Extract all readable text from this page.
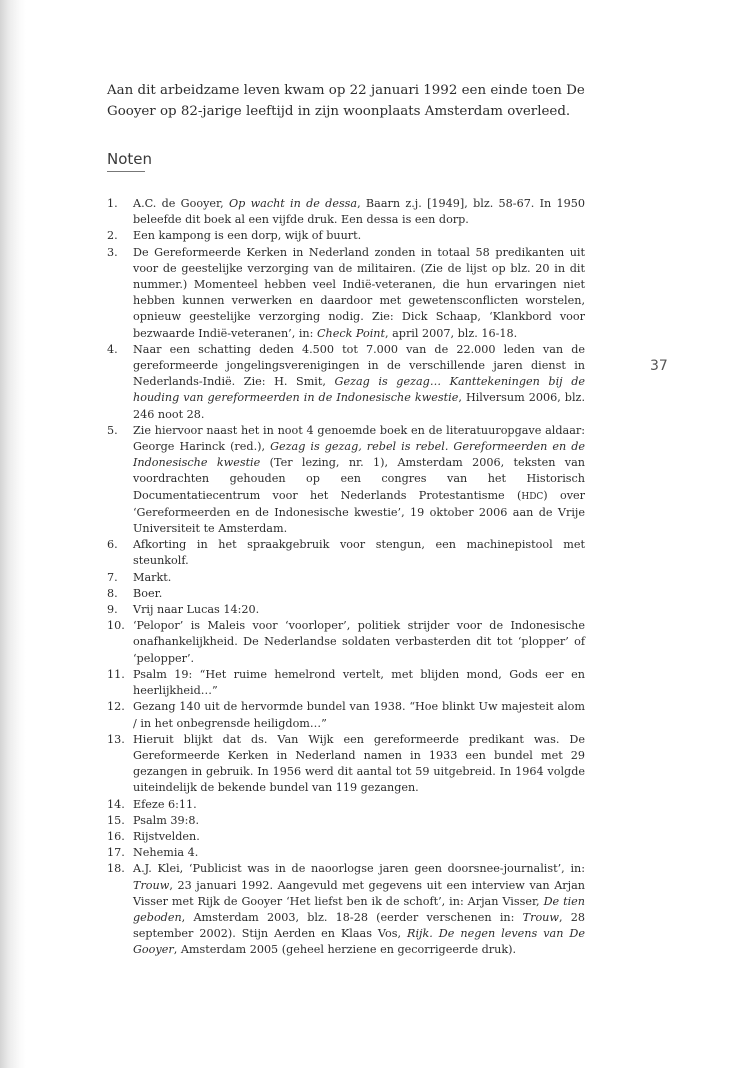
Aan dit arbeidzame leven kwam op 22 januari 1992 een einde toen De Gooyer op 82-jarige leeftijd in zijn woonplaats Amsterdam overleed.

Noten
37
1.	A.C. de Gooyer, Op wacht in de dessa, Baarn z.j. [1949], blz. 58-67. In 1950 beleefde dit boek al een vijfde druk. Een dessa is een dorp.
2.	Een kampong is een dorp, wijk of buurt.
3.	De Gereformeerde Kerken in Nederland zonden in totaal 58 predikanten uit voor de geestelijke verzorging van de militairen. (Zie de lijst op blz. 20 in dit nummer.) Momenteel hebben veel Indië-veteranen, die hun ervaringen niet hebben kunnen verwerken en daardoor met gewetensconflicten worstelen, opnieuw geestelijke verzorging nodig. Zie: Dick Schaap, ‘Klankbord voor bezwaarde Indië-veteranen’, in: Check Point, april 2007, blz. 16-18.
4.	Naar een schatting deden 4.500 tot 7.000 van de 22.000 leden van de gereformeerde jongelingsverenigingen in de verschillende jaren dienst in Nederlands-Indië. Zie: H. Smit, Gezag is gezag… Kanttekeningen bij de houding van gereformeerden in de Indonesische kwestie, Hilversum 2006, blz. 246 noot 28.
5.	Zie hiervoor naast het in noot 4 genoemde boek en de literatuuropgave aldaar: George Harinck (red.), Gezag is gezag, rebel is rebel. Gereformeerden en de Indonesische kwestie (Ter lezing, nr. 1), Amsterdam 2006, teksten van voordrachten gehouden op een congres van het Historisch Documentatiecentrum voor het Nederlands Protestantisme (HDC) over ‘Gereformeerden en de Indonesische kwestie’, 19 oktober 2006 aan de Vrije Universiteit te Amsterdam.
6.	Afkorting in het spraakgebruik voor stengun, een machinepistool met steunkolf.
7.	Markt.
8.	Boer.
9.	Vrij naar Lucas 14:20.
10. ‘Pelopor’ is Maleis voor ‘voorloper’, politiek strijder voor de Indonesische onafhankelijkheid. De Nederlandse soldaten verbasterden dit tot ‘plopper’ of ‘pelopper’.
11. Psalm 19: “Het ruime hemelrond vertelt, met blijden mond, Gods eer en heerlijkheid…”
12. Gezang 140 uit de hervormde bundel van 1938. “Hoe blinkt Uw majesteit alom / in het onbegrensde heiligdom…”
13. Hieruit blijkt dat ds. Van Wijk een gereformeerde predikant was. De Gereformeerde Kerken in Nederland namen in 1933 een bundel met 29 gezangen in gebruik. In 1956 werd dit aantal tot 59 uitgebreid. In 1964 volgde uiteindelijk de bekende bundel van 119 gezangen.
14. Efeze 6:11.
15. Psalm 39:8.
16. Rijstvelden.
17. Nehemia 4.
18. A.J. Klei, ‘Publicist was in de naoorlogse jaren geen doorsnee-journalist’, in: Trouw, 23 januari 1992. Aangevuld met gegevens uit een interview van Arjan Visser met Rijk de Gooyer ‘Het liefst ben ik de schoft’, in: Arjan Visser, De tien geboden, Amsterdam 2003, blz. 18-28 (eerder verschenen in: Trouw, 28 september 2002). Stijn Aerden en Klaas Vos, Rijk. De negen levens van De Gooyer, Amsterdam 2005 (geheel herziene en gecorrigeerde druk).
